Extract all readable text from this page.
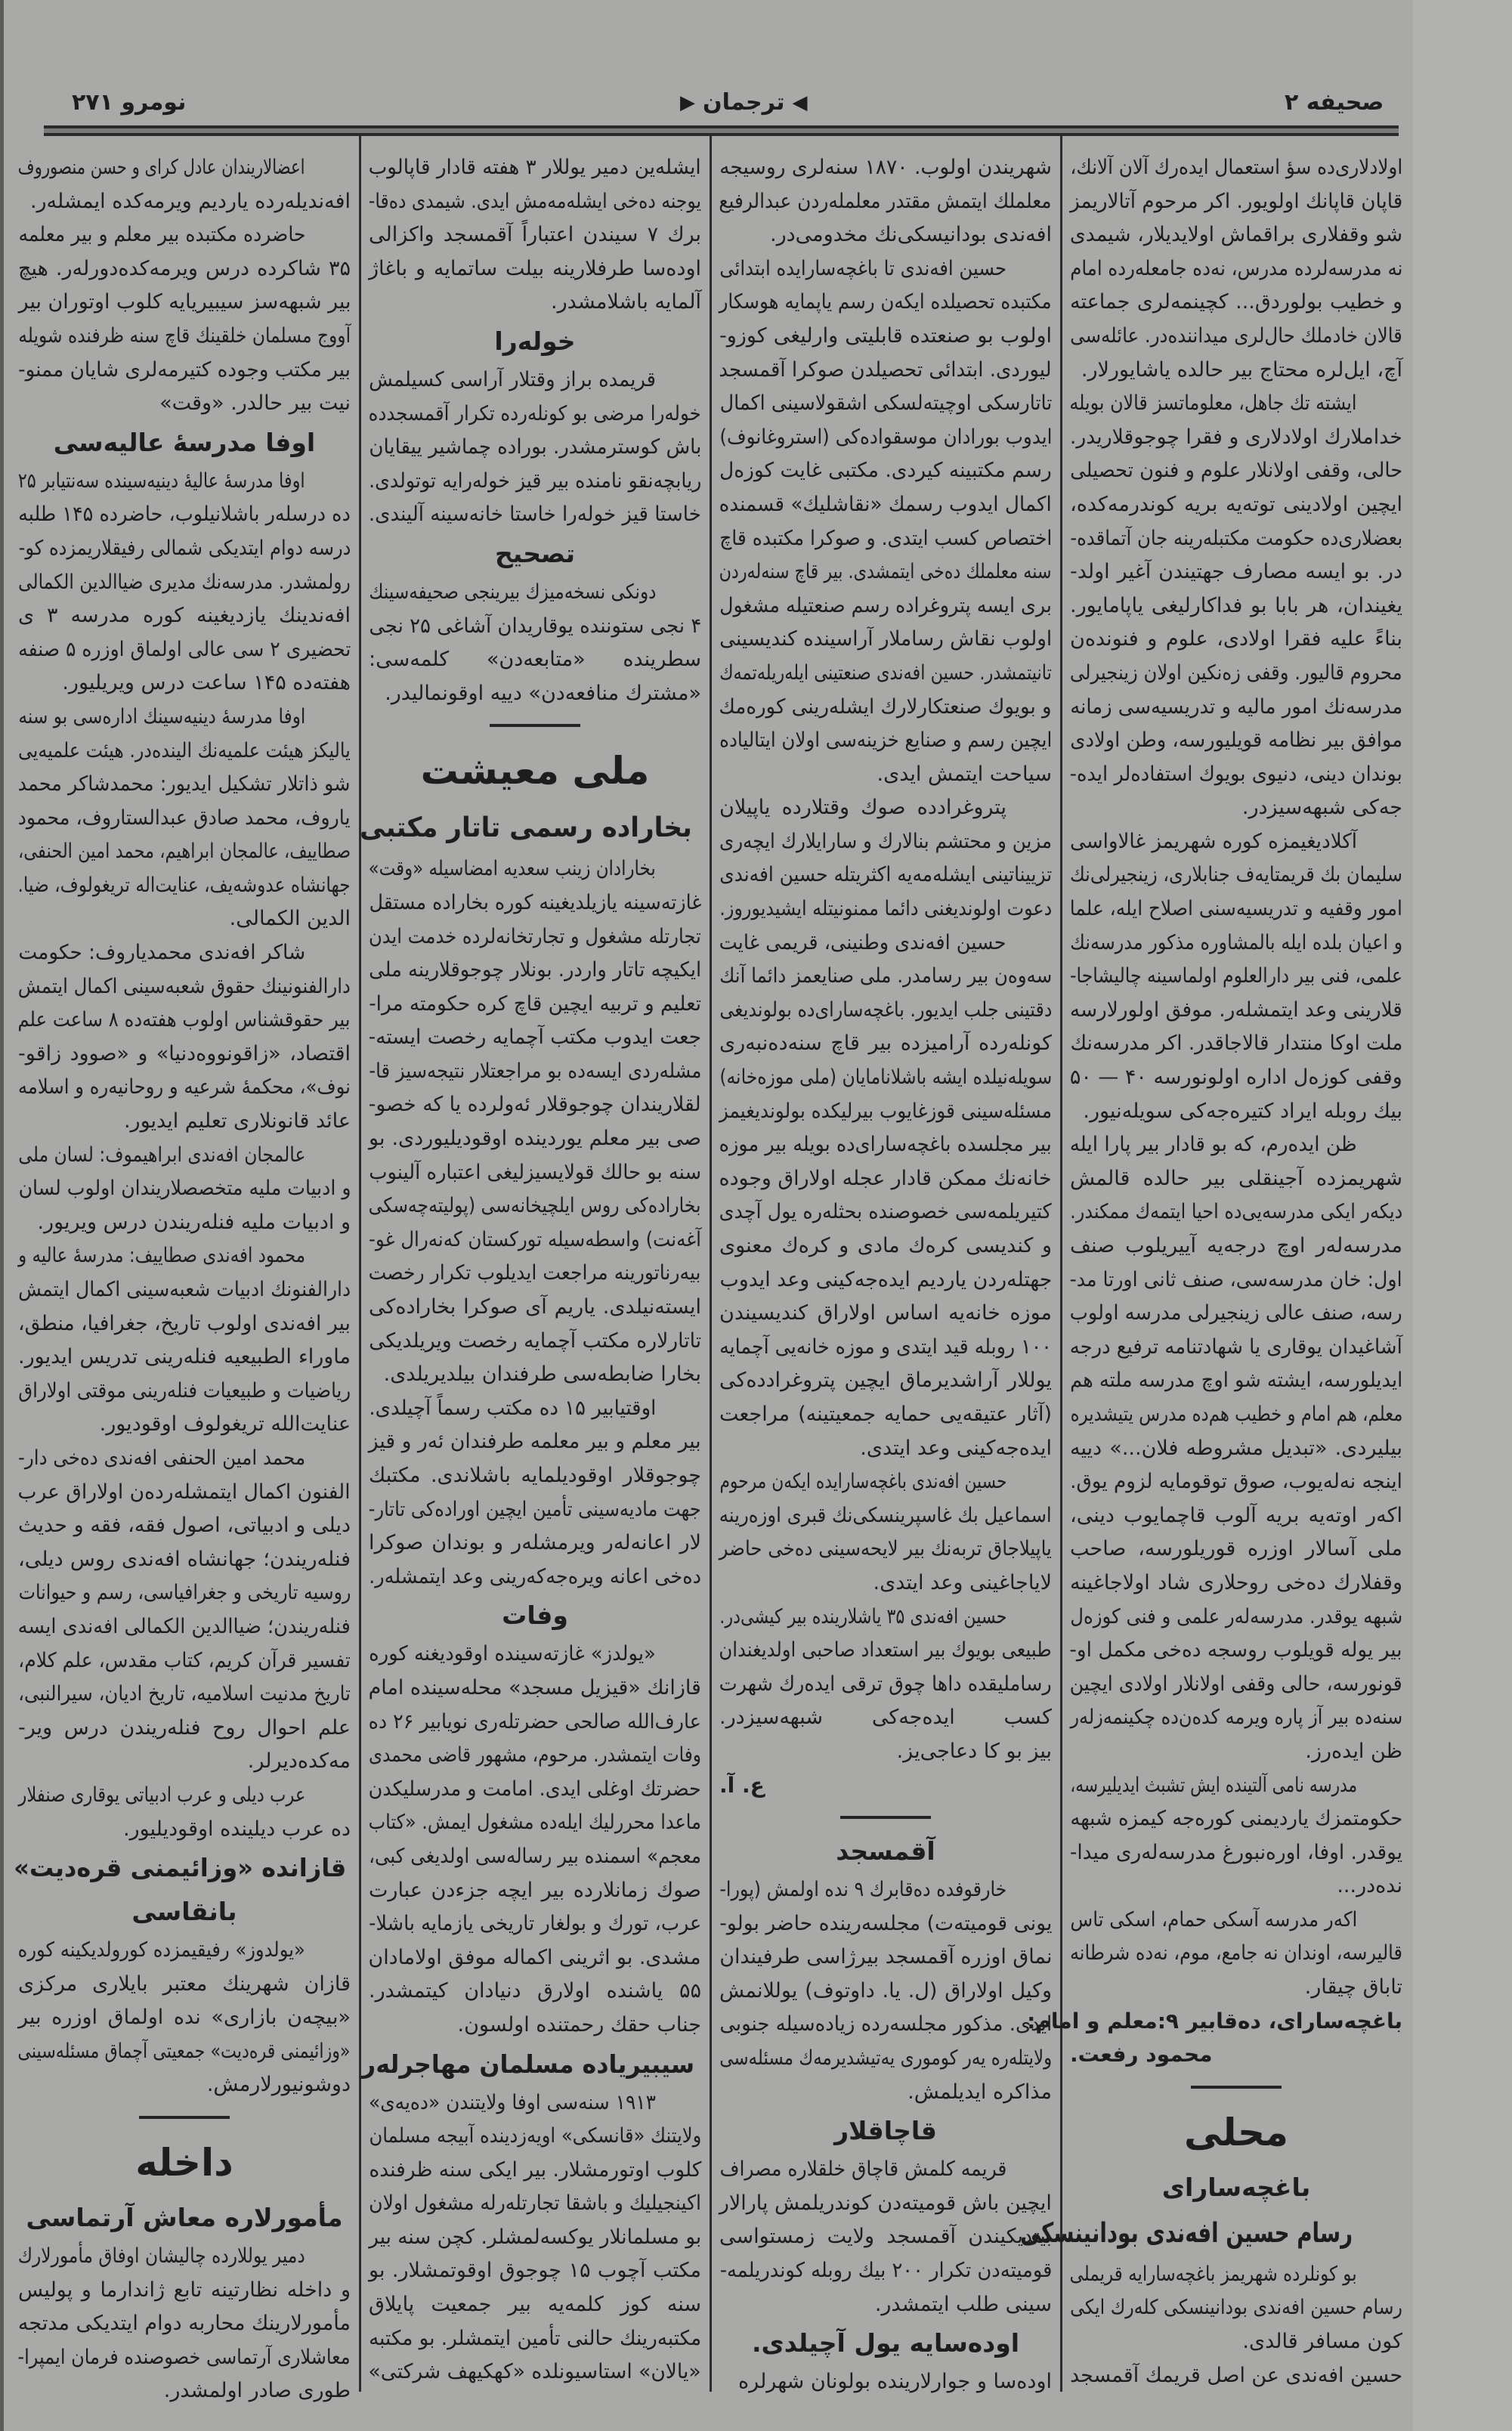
صحیفه ۲
◀
ترجمان
▶
نومرو ۲۷۱
اولادلاری‌ده سؤ استعمال ایده‌رك آلان آلانك،
قاپان قاپانك اولویور. اکر مرحوم آتالاریمز
شو وقفلاری براقماش اولایدیلار، شیمدی
نه مدرسه‌لرده مدرس، نه‌ده جامعله‌رده امام
و خطیب بولوردق... کچینمه‌لری جماعته
قالان خادملك حال‌لری میداننده‌در. عائله‌سی
آچ، ایل‌لره محتاج بیر حالده یاشایورلار.
ایشته تك جاهل، معلوماتسز قالان بویله
خداملارك اولادلاری و فقرا چوجوقلاریدر.
حالی، وقفی اولانلار علوم و فنون تحصیلی
ایچین اولادینی توته‌یه بریه کوندرمه‌کده،
بعضلاری‌ده حکومت مکتبله‌رینه جان آتماقده-
در. بو ایسه مصارف جهتیندن آغیر اولد-
یغیندان، هر بابا بو فداکارلیغی یاپامایور.
بناءً علیه فقرا اولادی، علوم و فنونده‌ن
محروم قالیور. وقفی زه‌نکین اولان زینجیرلی
مدرسه‌نك امور مالیه و تدریسیه‌سی زمانه
موافق بیر نظامه قویلیورسه، وطن اولادی
بوندان دینی، دنیوی بویوك استفاده‌لر ایده-
جه‌کی شبهه‌سیزدر.
آکلادیغیمزه کوره شهریمز غالاواسی
سلیمان بك قریمتایه‌ف جنابلاری، زینجیرلی‌نك
امور وقفیه و تدریسیه‌سنی اصلاح ایله، علما
و اعیان بلده ایله بالمشاوره مذکور مدرسه‌نك
علمی، فنی بیر دارالعلوم اولماسینه چالیشاجا-
قلارینی وعد ایتمشله‌ر. موفق اولورلارسه
ملت اوکا منتدار قالاجاقدر. اکر مدرسه‌نك
وقفی کوزه‌ل اداره اولونورسه ۴۰ — ۵۰
بیك روبله ایراد کتیره‌جه‌کی سویله‌نیور.
ظن ایده‌رم، که بو قادار بیر پارا ایله
شهریمزده آجینقلی بیر حالده قالمش
دیکه‌ر ایکی مدرسه‌یی‌ده احیا ایتمه‌ك ممکندر.
مدرسه‌له‌ر اوچ درجه‌یه آییریلوب صنف
اول: خان مدرسه‌سی، صنف ثانی اورتا مد-
رسه، صنف عالی زینجیرلی مدرسه اولوب
آشاغیدان یوقاری یا شهادتنامه ترفیع درجه
ایدیلورسه، ایشته شو اوچ مدرسه ملته هم
معلم، هم امام و خطیب هم‌ده مدرس یتیشدیره
بیلیردی. «تبدیل مشروطه فلان...» دییه
اینجه نه‌له‌یوب، صوق توقومایه لزوم یوق.
اکه‌ر اوته‌یه بریه آلوب قاچمایوب دینی،
ملی آسالار اوزره قوریلورسه، صاحب
وقفلارك ده‌خی روحلاری شاد اولاجاغینه
شبهه یوقدر. مدرسه‌له‌ر علمی و فنی کوزه‌ل
بیر یوله قویلوب روسجه ده‌خی مکمل او-
قونورسه، حالی وقفی اولانلار اولادی ایچین
سنه‌ده بیر آز پاره ویرمه کده‌ن‌ده چکینمه‌زله‌ر
ظن ایده‌رز.
مدرسه نامی آلتینده ایش تشبث ایدیلیرسه،
حکومتمزك یاردیمنی کوره‌جه کیمزه شبهه
یوقدر. اوفا، اوره‌نبورغ مدرسه‌له‌ری میدا-
نده‌در...
اکه‌ر مدرسه آسکی حمام، اسکی تاس
قالیرسه، اوندان نه جامع، موم، نه‌ده شرطانه
تاباق چیقار.
باغچه‌سارای، ده‌قابیر ۹:
معلم و امام:
محمود رفعت.
محلی
باغچه‌سارای
رسام حسین افه‌ندی بودانینسکی
بو کونلرده شهریمز باغچه‌سارایه قریملی
رسام حسین افه‌ندی بودانینسکی کله‌رك ایکی
کون مسافر قالدی.
حسین افه‌ندی عن اصل قریمك آقمسجد
شهریندن اولوب. ۱۸۷۰ سنه‌لری روسیجه
معلملك ایتمش مقتدر معلمله‌ردن عبدالرفیع
افه‌ندی بودانیسکی‌نك مخدومی‌در.
حسین افه‌ندی تا باغچه‌سارایده ابتدائی
مکتبده تحصیلده ایکه‌ن رسم یاپمایه هوسکار
اولوب بو صنعتده قابلیتی وارلیغی کوزو-
لیوردی. ابتدائی تحصیلدن صوکرا آقمسجد
تاتارسکی اوچیته‌لسکی اشقولاسینی اکمال
ایدوب بورادان موسقواده‌کی (استروغانوف)
رسم مکتبینه کیردی. مکتبی غایت کوزه‌ل
اکمال ایدوب رسمك «نقاشلیك» قسمنده
اختصاص کسب ایتدی. و صوکرا مکتبده قاچ
سنه معلملك ده‌خی ایتمشدی. بیر قاچ سنه‌له‌ردن
بری ایسه پتروغراده رسم صنعتیله مشغول
اولوب نقاش رساملار آراسینده کندیسینی
تانیتمشدر. حسین افه‌ندی صنعتینی ایله‌ریله‌تمه‌ك
و بویوك صنعتکارلارك ایشله‌رینی کوره‌مك
ایچین رسم و صنایع خزینه‌سی اولان ایتالیاده
سیاحت ایتمش ایدی.
پتروغرادده صوك وقتلارده یاپیلان
مزین و محتشم بنالارك و سارایلارك ایچه‌ری
تزییناتینی ایشله‌مه‌یه اکثریتله حسین افه‌ندی
دعوت اولوندیغنی دائما ممنونیتله ایشیدیوروز.
حسین افه‌ندی وطنینی، قریمی غایت
سه‌وه‌ن بیر رسامدر. ملی صنایعمز دائما آنك
دقتینی جلب ایدیور. باغچه‌سارای‌ده بولوندیغی
کونله‌رده آرامیزده بیر قاچ سنه‌ده‌نبه‌ری
سویله‌نیلده ایشه باشلانامایان (ملی موزه‌خانه)
مسئله‌سینی قوزغایوب بیرلیکده بولوندیغیمز
بیر مجلسده باغچه‌سارای‌ده بویله بیر موزه
خانه‌نك ممکن قادار عجله اولاراق وجوده
کتیریلمه‌سی خصوصنده بحثله‌ره یول آچدی
و کندیسی کره‌ك مادی و کره‌ك معنوی
جهتله‌ردن یاردیم ایده‌جه‌کینی وعد ایدوب
موزه خانه‌یه اساس اولاراق کندیسیندن
۱۰۰ روبله قید ایتدی و موزه خانه‌یی آچمایه
یوللار آراشدیرماق ایچین پتروغرادده‌کی
(آثار عتیقه‌یی حمایه جمعیتینه) مراجعت
ایده‌جه‌کینی وعد ایتدی.
حسین افه‌ندی باغچه‌سارایده ایکه‌ن مرحوم
اسماعیل بك غاسپرینسکی‌نك قبری اوزه‌رینه
یاپیلاجاق تربه‌نك بیر لایحه‌سینی ده‌خی حاضر
لایاجاغینی وعد ایتدی.
حسین افه‌ندی ۳۵ یاشلارینده بیر کیشی‌در.
طبیعی بویوك بیر استعداد صاحبی اولدیغندان
رساملیقده داها چوق ترقی ایده‌رك شهرت
کسب ایده‌جه‌کی شبهه‌سیزدر.
بیز بو کا دعاجی‌یز.
ع. آ.
آقمسجد
خارقوفده ده‌قابرك ۹ نده اولمش (پورا-
یونی قومیته‌ت) مجلسه‌رینده حاضر بولو-
نماق اوزره آقمسجد بیرژاسی طرفیندان
وکیل اولاراق (ل. یا. داوتوف) یوللانمش
ایدی. مذکور مجلسه‌رده زیاده‌سیله جنوبی
ولایتله‌ره یه‌ر کوموری یه‌تیشدیرمه‌ك مسئله‌سی
مذاکره ایدیلمش.
قاچاقلار
قریمه کلمش قاچاق خلقلاره مصراف
ایچین باش قومیته‌دن کوندریلمش پارالار
بیتدیکیندن آقمسجد ولایت زمستواسی
قومیته‌دن تکرار ۲۰۰ بیك روبله کوندریلمه-
سینی طلب ایتمشدر.
اوده‌سایه یول آچیلدی.
اوده‌سا و جوارلارینده بولونان شهرلره
ایشله‌ین دمیر یوللار ۳ هفته قادار قاپالوب
یوجنه ده‌خی ایشله‌مه‌مش ایدی. شیمدی ده‌قا-
برك ۷ سیندن اعتباراً آقمسجد واکزالی
اوده‌سا طرفلارینه بیلت ساتمایه و باغاژ
آلمایه باشلامشدر.
خوله‌را
قریمده براز وقتلار آراسی کسیلمش
خوله‌را مرضی بو کونله‌رده تکرار آقمسجدده
باش کوسترمشدر. بوراده چماشیر ییقایان
ریابچه‌نقو نامنده بیر قیز خوله‌رایه توتولدی.
خاستا قیز خوله‌را خاستا خانه‌سینه آلیندی.
تصحیح
دونکی نسخه‌میزك بیرینجی صحیفه‌سینك
۴ نجی ستوننده یوقاریدان آشاغی ۲۵ نجی
سطرینده «متابعه‌دن» کلمه‌سی:
«مشترك منافعه‌دن» دییه اوقونمالیدر.
ملی معیشت
بخاراده رسمی تاتار مکتبی
بخارادان زینب سعدیه امضاسیله «وقت»
غازته‌سینه یازیلدیغینه کوره بخاراده مستقل
تجارتله مشغول و تجارتخانه‌لرده خدمت ایدن
ایکیچه تاتار واردر. بونلار چوجوقلارینه ملی
تعلیم و تربیه ایچین قاچ کره حکومته مرا-
جعت ایدوب مکتب آچمایه رخصت ایسته-
مشله‌ردی ایسه‌ده بو مراجعتلار نتیجه‌سیز قا-
لقلاریندان چوجوقلار ئه‌ولرده یا که خصو-
صی بیر معلم یوردینده اوقودیلیوردی. بو
سنه بو حالك قولایسیزلیغی اعتباره آلینوب
بخاراده‌کی روس ایلچیخانه‌سی (پولیته‌چه‌سکی
آغه‌نت) واسطه‌سیله تورکستان که‌نه‌رال غو-
بیه‌رناتورینه مراجعت ایدیلوب تکرار رخصت
ایسته‌نیلدی. یاریم آی صوکرا بخاراده‌کی
تاتارلاره مکتب آچمایه رخصت ویریلدیکی
بخارا ضابطه‌سی طرفندان بیلدیریلدی.
اوقتیابیر ۱۵ ده مکتب رسماً آچیلدی.
بیر معلم و بیر معلمه طرفندان ئه‌ر و قیز
چوجوقلار اوقودیلمایه باشلاندی. مکتبك
جهت مادیه‌سینی تأمین ایچین اوراده‌کی تاتار-
لار اعانه‌له‌ر ویرمشله‌ر و بوندان صوکرا
ده‌خی اعانه ویره‌جه‌که‌رینی وعد ایتمشله‌ر.
وفات
«یولدز» غازته‌سینده اوقودیغنه کوره
قازانك «قیزیل مسجد» محله‌سینده امام
عارف‌الله صالحی حضرتله‌ری نویابیر ۲۶ ده
وفات ایتمشدر. مرحوم، مشهور قاضی محمدی
حضرتك اوغلی ایدی. امامت و مدرسلیکدن
ماعدا محررلیك ایله‌ده مشغول ایمش. «کتاب
معجم» اسمنده بیر رساله‌سی اولدیغی کبی،
صوك زمانلارده بیر ایچه جزءدن عبارت
عرب، تورك و بولغار تاریخی یازمایه باشلا-
مشدی. بو اثرینی اکماله موفق اولامادان
۵۵ یاشنده اولارق دنیادان کیتمشدر.
جناب حقك رحمتنده اولسون.
سیبیریاده مسلمان مهاجرله‌ر
۱۹۱۳ سنه‌سی اوفا ولایتندن «ده‌یه‌ی»
ولایتنك «قانسکی» اویه‌زدینده آبیجه مسلمان
کلوب اوتورمشلار. بیر ایکی سنه ظرفنده
اکینجیلیك و باشقا تجارتله‌رله مشغول اولان
بو مسلمانلار یوکسه‌لمشلر. کچن سنه بیر
مکتب آچوب ۱۵ چوجوق اوقوتمشلار. بو
سنه کوز کلمه‌یه بیر جمعیت پایلاق
مکتبه‌رینك حالنی تأمین ایتمشلر. بو مکتبه
«یالان» استاسیونلده «کهکیهف شرکتی»
اعضالاریندان عادل کرای و حسن منصوروف
افه‌ندیله‌رده یاردیم ویرمه‌کده ایمشله‌ر.
حاضرده مکتبده بیر معلم و بیر معلمه
۳۵ شاکرده درس ویرمه‌کده‌دورله‌ر. هیچ
بیر شبهه‌سز سیبیریایه کلوب اوتوران بیر
آووج مسلمان خلقینك قاچ سنه ظرفنده شویله
بیر مکتب وجوده کتیرمه‌لری شایان ممنو-
نیت بیر حالدر. «وقت»
اوفا مدرسهٔ عالیه‌سی
اوفا مدرسهٔ عالیهٔ دینیه‌سینده سه‌نتیابر ۲۵
ده درسله‌ر باشلانیلوب، حاضرده ۱۴۵ طلبه
درسه دوام ایتدیکی شمالی رفیقلاریمزده کو-
رولمشدر. مدرسه‌نك مدیری ضیاالدین الکمالی
افه‌ندینك یازدیغینه کوره مدرسه ۳ ی
تحضیری ۲ سی عالی اولماق اوزره ۵ صنفه
هفته‌ده ۱۴۵ ساعت درس ویریلیور.
اوفا مدرسهٔ دینیه‌سینك اداره‌سی بو سنه
یالیکز هیئت علمیه‌نك الینده‌در. هیئت علمیه‌یی
شو ذاتلار تشکیل ایدیور: محمدشاکر محمد
یاروف، محمد صادق عبدالستاروف، محمود
صطاییف، عالمجان ابراهیم، محمد امین الحنفی،
جهانشاه عدوشه‌یف، عنایت‌اله تریغولوف، ضیا.
الدین الکمالی.
شاکر افه‌ندی محمدیاروف: حکومت
دارالفنونینك حقوق شعبه‌سینی اکمال ایتمش
بیر حقوقشناس اولوب هفته‌ده ۸ ساعت علم
اقتصاد، «زاقونووه‌دنیا» و «صوود زاقو-
نوف»، محکمهٔ شرعیه و روحانیه‌ره و اسلامه
عائد قانونلاری تعلیم ایدیور.
عالمجان افه‌ندی ابراهیموف: لسان ملی
و ادبیات ملیه متخصصلاریندان اولوب لسان
و ادبیات ملیه فنله‌ریندن درس ویریور.
محمود افه‌ندی صطاییف: مدرسهٔ عالیه و
دارالفنونك ادبیات شعبه‌سینی اکمال ایتمش
بیر افه‌ندی اولوب تاریخ، جغرافیا، منطق،
ماوراء الطبیعیه فنله‌رینی تدریس ایدیور.
ریاضیات و طبیعیات فنله‌رینی موقتی اولاراق
عنایت‌الله تریغولوف اوقودیور.
محمد امین الحنفی افه‌ندی ده‌خی دار-
الفنون اکمال ایتمشله‌رده‌ن اولاراق عرب
دیلی و ادبیاتی، اصول فقه، فقه و حدیث
فنله‌ریندن؛ جهانشاه افه‌ندی روس دیلی،
روسیه تاریخی و جغرافیاسی، رسم و حیوانات
فنله‌ریندن؛ ضیاالدین الکمالی افه‌ندی ایسه
تفسیر قرآن کریم، کتاب مقدس، علم کلام،
تاریخ مدنیت اسلامیه، تاریخ ادیان، سیرالنبی،
علم احوال روح فنله‌ریندن درس ویر-
مه‌کده‌دیرلر.
عرب دیلی و عرب ادبیاتی یوقاری صنفلار
ده عرب دیلینده اوقودیلیور.
قازانده «وزائیمنی قره‌دیت»
بانقاسی
«یولدوز» رفیقیمزده کورولدیکینه کوره
قازان شهرینك معتبر بایلاری مرکزی
«بیچه‌ن بازاری» نده اولماق اوزره بیر
«وزائیمنی قره‌دیت» جمعیتی آچماق مسئله‌سینی
دوشونیورلارمش.
داخله
مأمورلاره معاش آرتماسی
دمیر یوللارده چالیشان اوفاق مأمورلارك
و داخله نظارتینه تابع ژاندارما و پولیس
مأمورلارینك محاربه دوام ایتدیکی مدتجه
معاشلاری آرتماسی خصوصنده فرمان ایمپرا-
طوری صادر اولمشدر.
